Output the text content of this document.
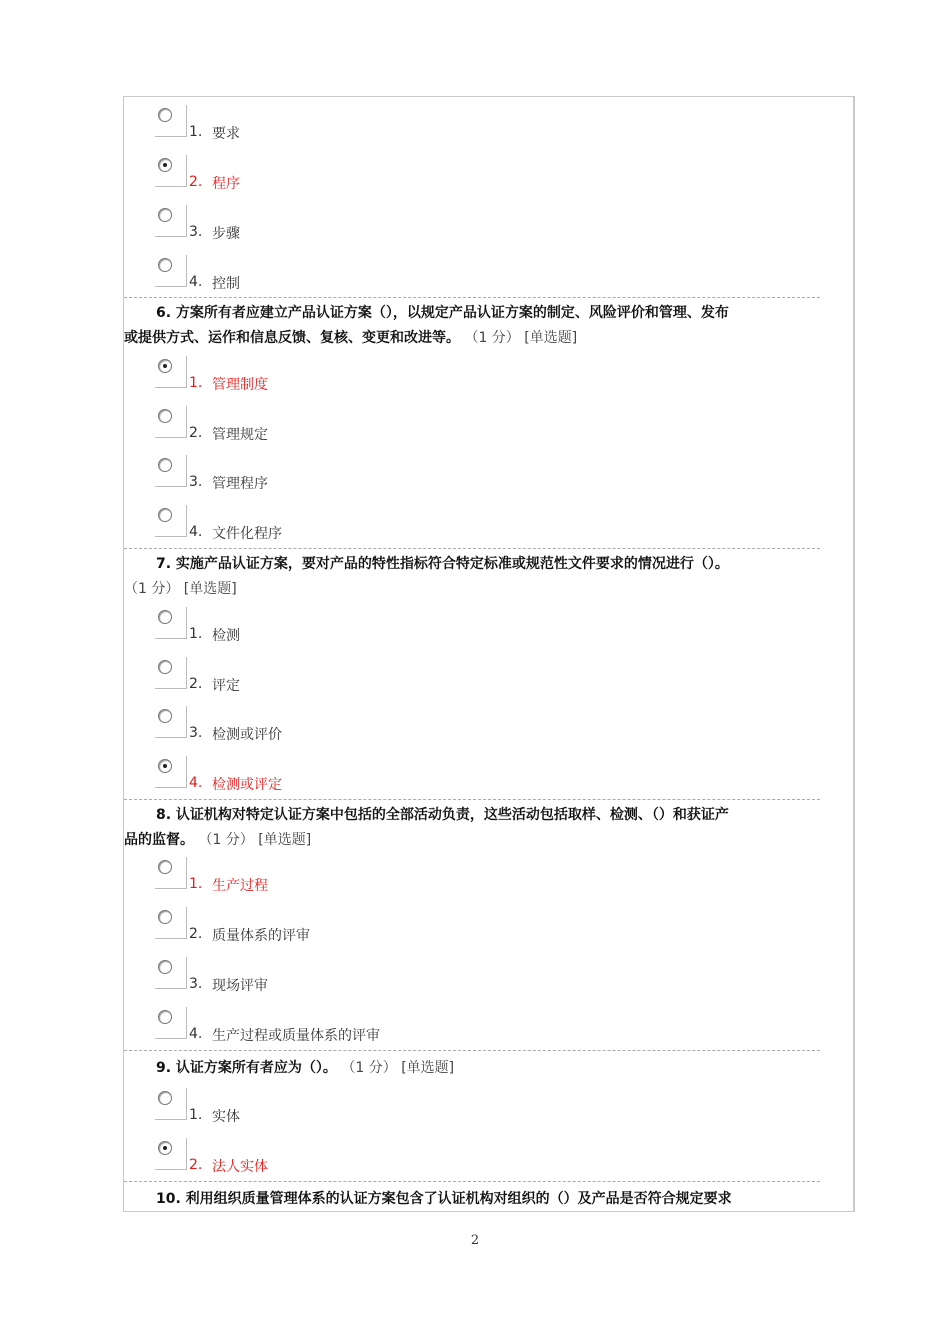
1. 要求
2. 程序
3. 步骤
4. 控制
6. 方案所有者应建立产品认证方案（），以规定产品认证方案的制定、风险评价和管理、发布
或提供方式、运作和信息反馈、复核、变更和改进等。 （1 分） [单选题]
1. 管理制度
2. 管理规定
3. 管理程序
4. 文件化程序
7. 实施产品认证方案，要对产品的特性指标符合特定标准或规范性文件要求的情况进行（）。
（1 分） [单选题]
1. 检测
2. 评定
3. 检测或评价
4. 检测或评定
8. 认证机构对特定认证方案中包括的全部活动负责，这些活动包括取样、检测、（）和获证产
品的监督。 （1 分） [单选题]
1. 生产过程
2. 质量体系的评审
3. 现场评审
4. 生产过程或质量体系的评审
9. 认证方案所有者应为（）。 （1 分） [单选题]
1. 实体
2. 法人实体
10. 利用组织质量管理体系的认证方案包含了认证机构对组织的（）及产品是否符合规定要求
2
